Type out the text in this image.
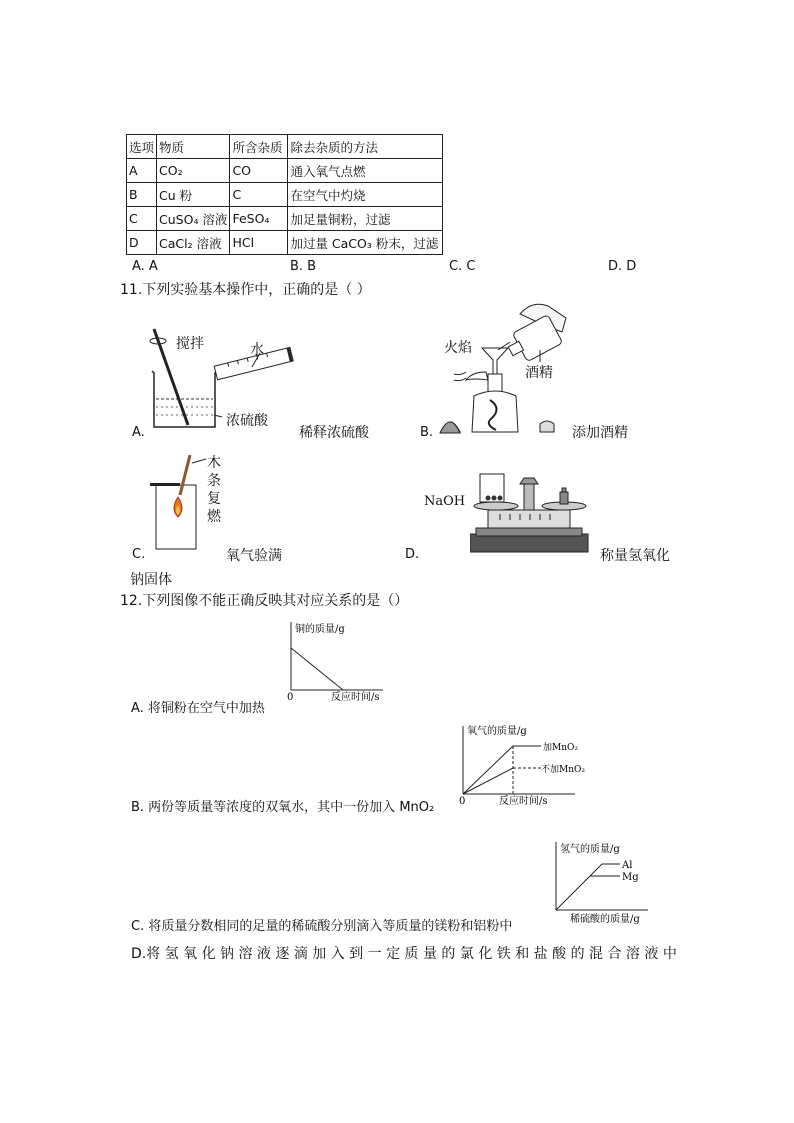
选项	物质	所含杂质	除去杂质的方法
A	CO₂	CO	通入氧气点燃
B	Cu 粉	C	在空气中灼烧
C	CuSO₄ 溶液	FeSO₄	加足量铜粉，过滤
D	CaCl₂ 溶液	HCl	加过量 CaCO₃ 粉末，过滤
A. A	B. B	C. C	D. D
11.下列实验基本操作中，正确的是（ ）
搅拌	水
浓硫酸
A.	稀释浓硫酸
火焰
酒精
B.	添加酒精
木
条
复
燃
C.	氧气验满
NaOH
D.	称量氢氧化
钠固体
12.下列图像不能正确反映其对应关系的是（）
铜的质量/g
0	反应时间/s
A. 将铜粉在空气中加热
氧气的质量/g
加MnO₂
不加MnO₂
0	反应时间/s
B. 两份等质量等浓度的双氧水，其中一份加入 MnO₂
氢气的质量/g
Al
Mg
稀硫酸的质量/g
C. 将质量分数相同的足量的稀硫酸分别滴入等质量的镁粉和铝粉中
D.将 氢 氧 化 钠 溶 液 逐 滴 加 入 到 一 定 质 量 的 氯 化 铁 和 盐 酸 的 混 合 溶 液 中
